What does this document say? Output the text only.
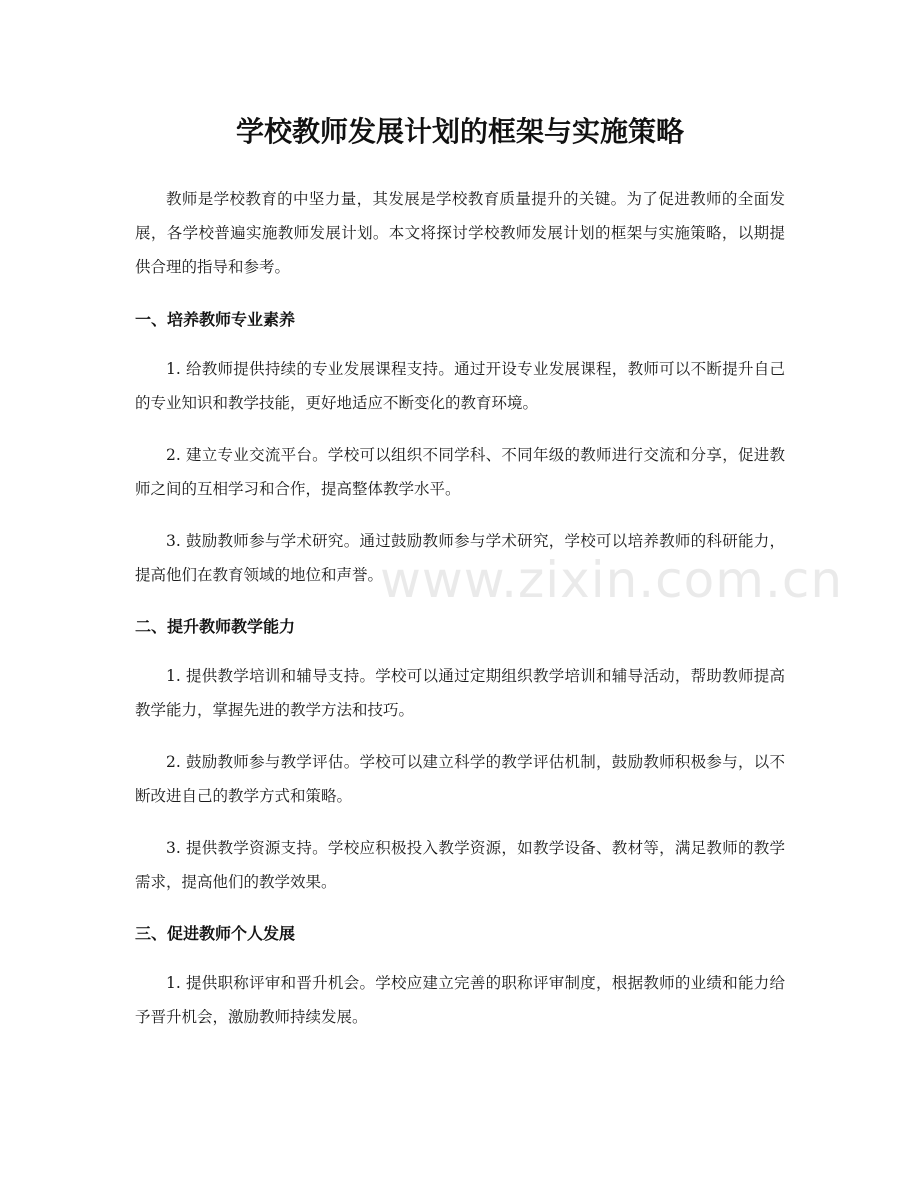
学校教师发展计划的框架与实施策略

教师是学校教育的中坚力量，其发展是学校教育质量提升的关键。为了促进教师的全面发展，各学校普遍实施教师发展计划。本文将探讨学校教师发展计划的框架与实施策略，以期提供合理的指导和参考。

一、培养教师专业素养

1. 给教师提供持续的专业发展课程支持。通过开设专业发展课程，教师可以不断提升自己的专业知识和教学技能，更好地适应不断变化的教育环境。

2. 建立专业交流平台。学校可以组织不同学科、不同年级的教师进行交流和分享，促进教师之间的互相学习和合作，提高整体教学水平。

3. 鼓励教师参与学术研究。通过鼓励教师参与学术研究，学校可以培养教师的科研能力，提高他们在教育领域的地位和声誉。

二、提升教师教学能力

1. 提供教学培训和辅导支持。学校可以通过定期组织教学培训和辅导活动，帮助教师提高教学能力，掌握先进的教学方法和技巧。

2. 鼓励教师参与教学评估。学校可以建立科学的教学评估机制，鼓励教师积极参与，以不断改进自己的教学方式和策略。

3. 提供教学资源支持。学校应积极投入教学资源，如教学设备、教材等，满足教师的教学需求，提高他们的教学效果。

三、促进教师个人发展

1. 提供职称评审和晋升机会。学校应建立完善的职称评审制度，根据教师的业绩和能力给予晋升机会，激励教师持续发展。

www.zixin.com.cn
